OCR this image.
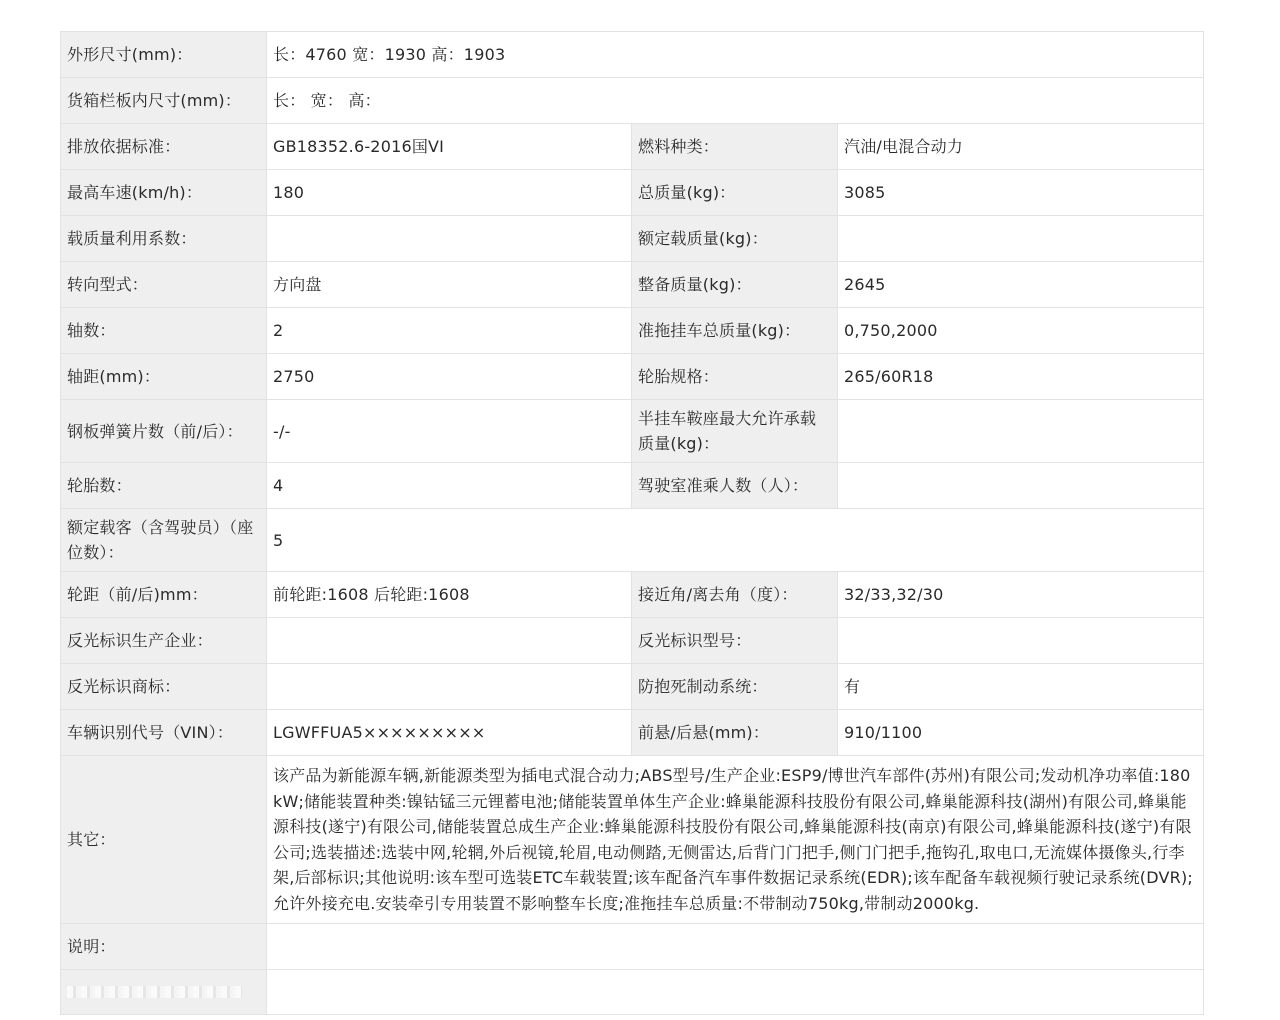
外形尺寸(mm)：	长：4760 宽：1930 高：1903		
货箱栏板内尺寸(mm)：	长： 宽： 高：		
排放依据标准：	GB18352.6-2016国VI	燃料种类：	汽油/电混合动力
最高车速(km/h)：	180	总质量(kg)：	3085
载质量利用系数：		额定载质量(kg)：	
转向型式：	方向盘	整备质量(kg)：	2645
轴数：	2	准拖挂车总质量(kg)：	0,750,2000
轴距(mm)：	2750	轮胎规格：	265/60R18
钢板弹簧片数（前/后）：	-/-	半挂车鞍座最大允许承载质量(kg)：	
轮胎数：	4	驾驶室准乘人数（人）：	
额定载客（含驾驶员）（座位数）：	5		
轮距（前/后)mm：	前轮距:1608 后轮距:1608	接近角/离去角（度）：	32/33,32/30
反光标识生产企业：		反光标识型号：	
反光标识商标：		防抱死制动系统：	有
车辆识别代号（VIN）：	LGWFFUA5×××××××××	前悬/后悬(mm)：	910/1100
其它：	该产品为新能源车辆,新能源类型为插电式混合动力;ABS型号/生产企业:ESP9/博世汽车部件(苏州)有限公司;发动机净功率值:180kW;储能装置种类:镍钴锰三元锂蓄电池;储能装置单体生产企业:蜂巢能源科技股份有限公司,蜂巢能源科技(湖州)有限公司,蜂巢能源科技(遂宁)有限公司,储能装置总成生产企业:蜂巢能源科技股份有限公司,蜂巢能源科技(南京)有限公司,蜂巢能源科技(遂宁)有限公司;选装描述:选装中网,轮辋,外后视镜,轮眉,电动侧踏,无侧雷达,后背门门把手,侧门门把手,拖钩孔,取电口,无流媒体摄像头,行李架,后部标识;其他说明:该车型可选装ETC车载装置;该车配备汽车事件数据记录系统(EDR);该车配备车载视频行驶记录系统(DVR);允许外接充电.安装牵引专用装置不影响整车长度;准拖挂车总质量:不带制动750kg,带制动2000kg.		
说明：			
